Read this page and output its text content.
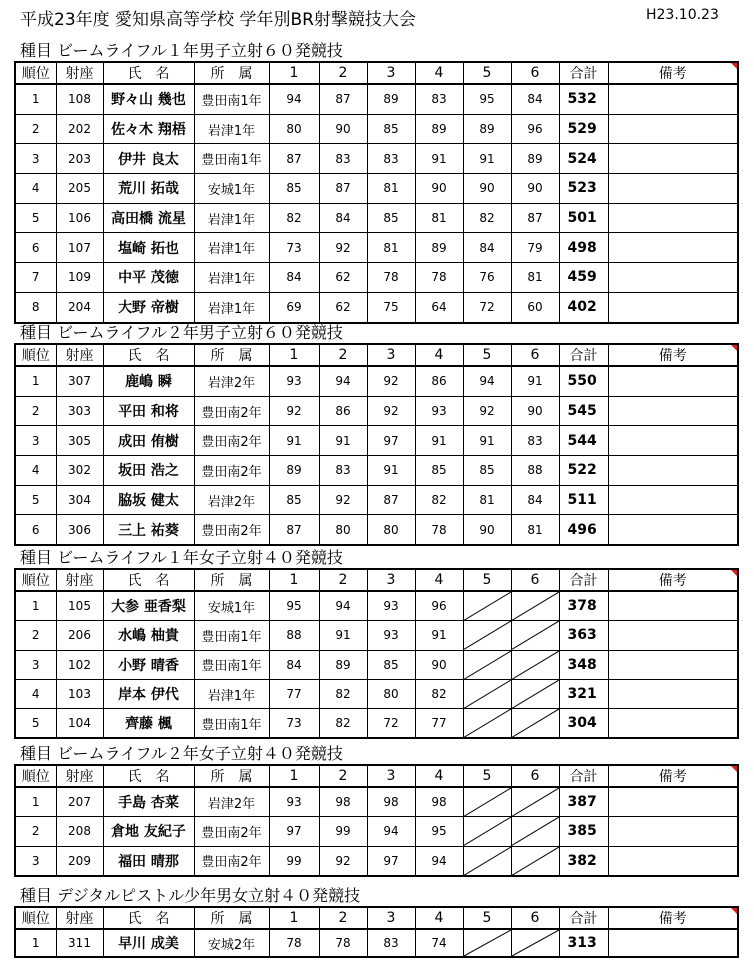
平成23年度 愛知県高等学校 学年別BR射撃競技大会	H23.10.23
種目 ビームライフル１年男子立射６０発競技
順位	射座	氏　名	所　属	1	2	3	4	5	6	合計	備考

1	108	野々山 幾也	豊田南1年	94	87	89	83	95	84	532	
2	202	佐々木 翔梧	岩津1年	80	90	85	89	89	96	529	
3	203	伊井 良太	豊田南1年	87	83	83	91	91	89	524	
4	205	荒川 拓哉	安城1年	85	87	81	90	90	90	523	
5	106	高田橋 流星	岩津1年	82	84	85	81	82	87	501	
6	107	塩崎 拓也	岩津1年	73	92	81	89	84	79	498	
7	109	中平 茂徳	岩津1年	84	62	78	78	76	81	459	
8	204	大野 帝樹	岩津1年	69	62	75	64	72	60	402	
種目 ビームライフル２年男子立射６０発競技
順位	射座	氏　名	所　属	1	2	3	4	5	6	合計	備考

1	307	鹿嶋 瞬	岩津2年	93	94	92	86	94	91	550	
2	303	平田 和将	豊田南2年	92	86	92	93	92	90	545	
3	305	成田 侑樹	豊田南2年	91	91	97	91	91	83	544	
4	302	坂田 浩之	豊田南2年	89	83	91	85	85	88	522	
5	304	脇坂 健太	岩津2年	85	92	87	82	81	84	511	
6	306	三上 祐葵	豊田南2年	87	80	80	78	90	81	496	
種目 ビームライフル１年女子立射４０発競技
順位	射座	氏　名	所　属	1	2	3	4	5	6	合計	備考

1	105	大参 亜香梨	安城1年	95	94	93	96			378	
2	206	水嶋 柚貴	豊田南1年	88	91	93	91			363	
3	102	小野 晴香	豊田南1年	84	89	85	90			348	
4	103	岸本 伊代	岩津1年	77	82	80	82			321	
5	104	齊藤 楓	豊田南1年	73	82	72	77			304	
種目 ビームライフル２年女子立射４０発競技
順位	射座	氏　名	所　属	1	2	3	4	5	6	合計	備考

1	207	手島 杏菜	岩津2年	93	98	98	98			387	
2	208	倉地 友紀子	豊田南2年	97	99	94	95			385	
3	209	福田 晴那	豊田南2年	99	92	97	94			382	
種目 デジタルピストル少年男女立射４０発競技
順位	射座	氏　名	所　属	1	2	3	4	5	6	合計	備考

1	311	早川 成美	安城2年	78	78	83	74			313	
